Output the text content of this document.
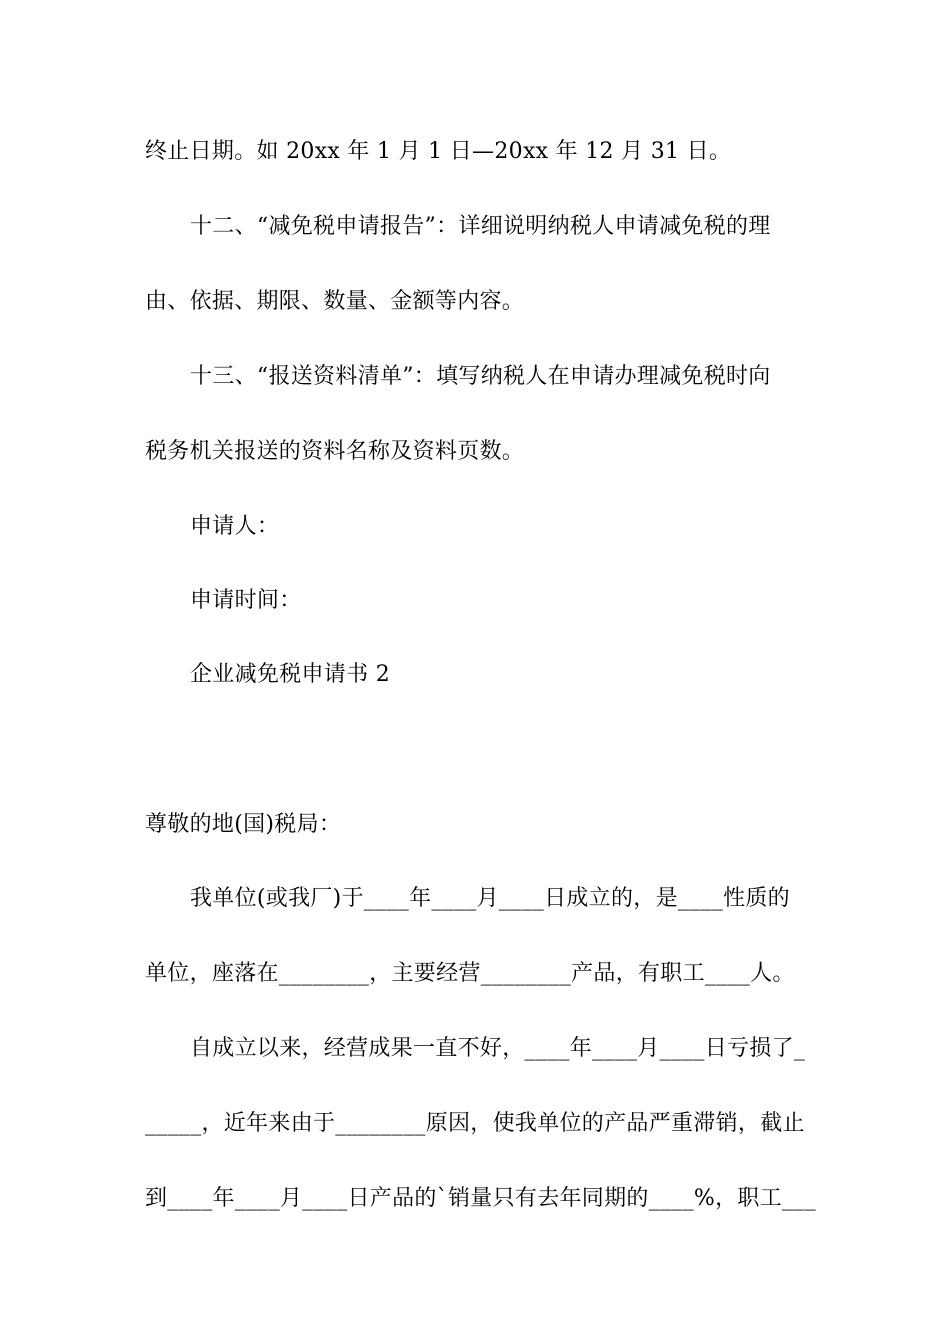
终止日期。如 20xx 年 1 月 1 日—20xx 年 12 月 31 日。
十二、“减免税申请报告”：详细说明纳税人申请减免税的理
由、依据、期限、数量、金额等内容。
十三、“报送资料清单”：填写纳税人在申请办理减免税时向
税务机关报送的资料名称及资料页数。
申请人：
申请时间：
企业减免税申请书 2
尊敬的地(国)税局：
我单位(或我厂)于____年____月____日成立的，是____性质的
单位，座落在________，主要经营________产品，有职工____人。
自成立以来，经营成果一直不好，____年____月____日亏损了_
_____，近年来由于________原因，使我单位的产品严重滞销，截止
到____年____月____日产品的`销量只有去年同期的____%，职工___
